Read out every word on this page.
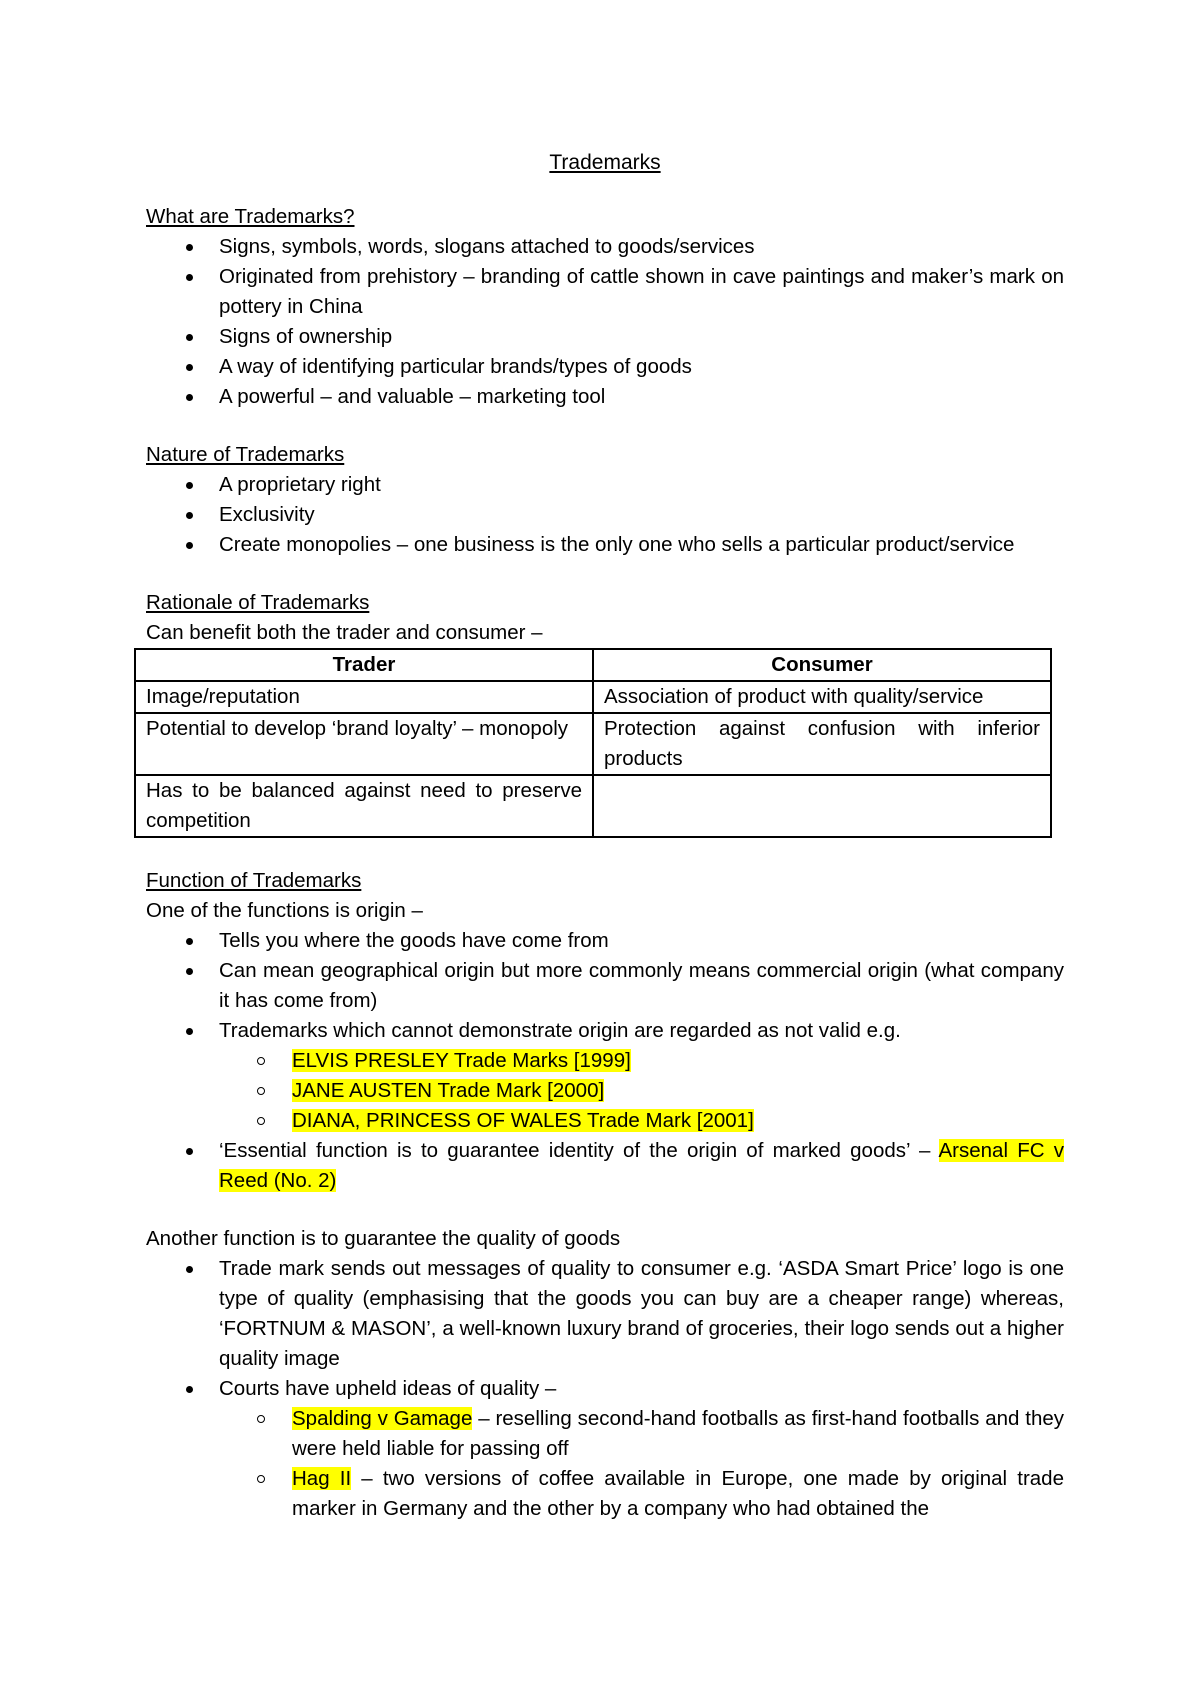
Trademarks

What are Trademarks?

Signs, symbols, words, slogans attached to goods/services
Originated from prehistory – branding of cattle shown in cave paintings and maker’s mark on pottery in China
Signs of ownership
A way of identifying particular brands/types of goods
A powerful – and valuable – marketing tool

Nature of Trademarks

A proprietary right
Exclusivity
Create monopolies – one business is the only one who sells a particular product/service

Rationale of Trademarks

Can benefit both the trader and consumer –

Trader	Consumer
Image/reputation	Association of product with quality/service
Potential to develop ‘brand loyalty’ – monopoly	Protection against confusion with inferior products
Has to be balanced against need to preserve competition	

Function of Trademarks

One of the functions is origin –

Tells you where the goods have come from
Can mean geographical origin but more commonly means commercial origin (what company it has come from)
Trademarks which cannot demonstrate origin are regarded as not valid e.g.
ELVIS PRESLEY Trade Marks [1999]
JANE AUSTEN Trade Mark [2000]
DIANA, PRINCESS OF WALES Trade Mark [2001]
‘Essential function is to guarantee identity of the origin of marked goods’ – Arsenal FC v Reed (No. 2)

Another function is to guarantee the quality of goods

Trade mark sends out messages of quality to consumer e.g. ‘ASDA Smart Price’ logo is one type of quality (emphasising that the goods you can buy are a cheaper range) whereas, ‘FORTNUM & MASON’, a well-known luxury brand of groceries, their logo sends out a higher quality image
Courts have upheld ideas of quality –
Spalding v Gamage – reselling second-hand footballs as first-hand footballs and they were held liable for passing off
Hag II – two versions of coffee available in Europe, one made by original trade marker in Germany and the other by a company who had obtained the
